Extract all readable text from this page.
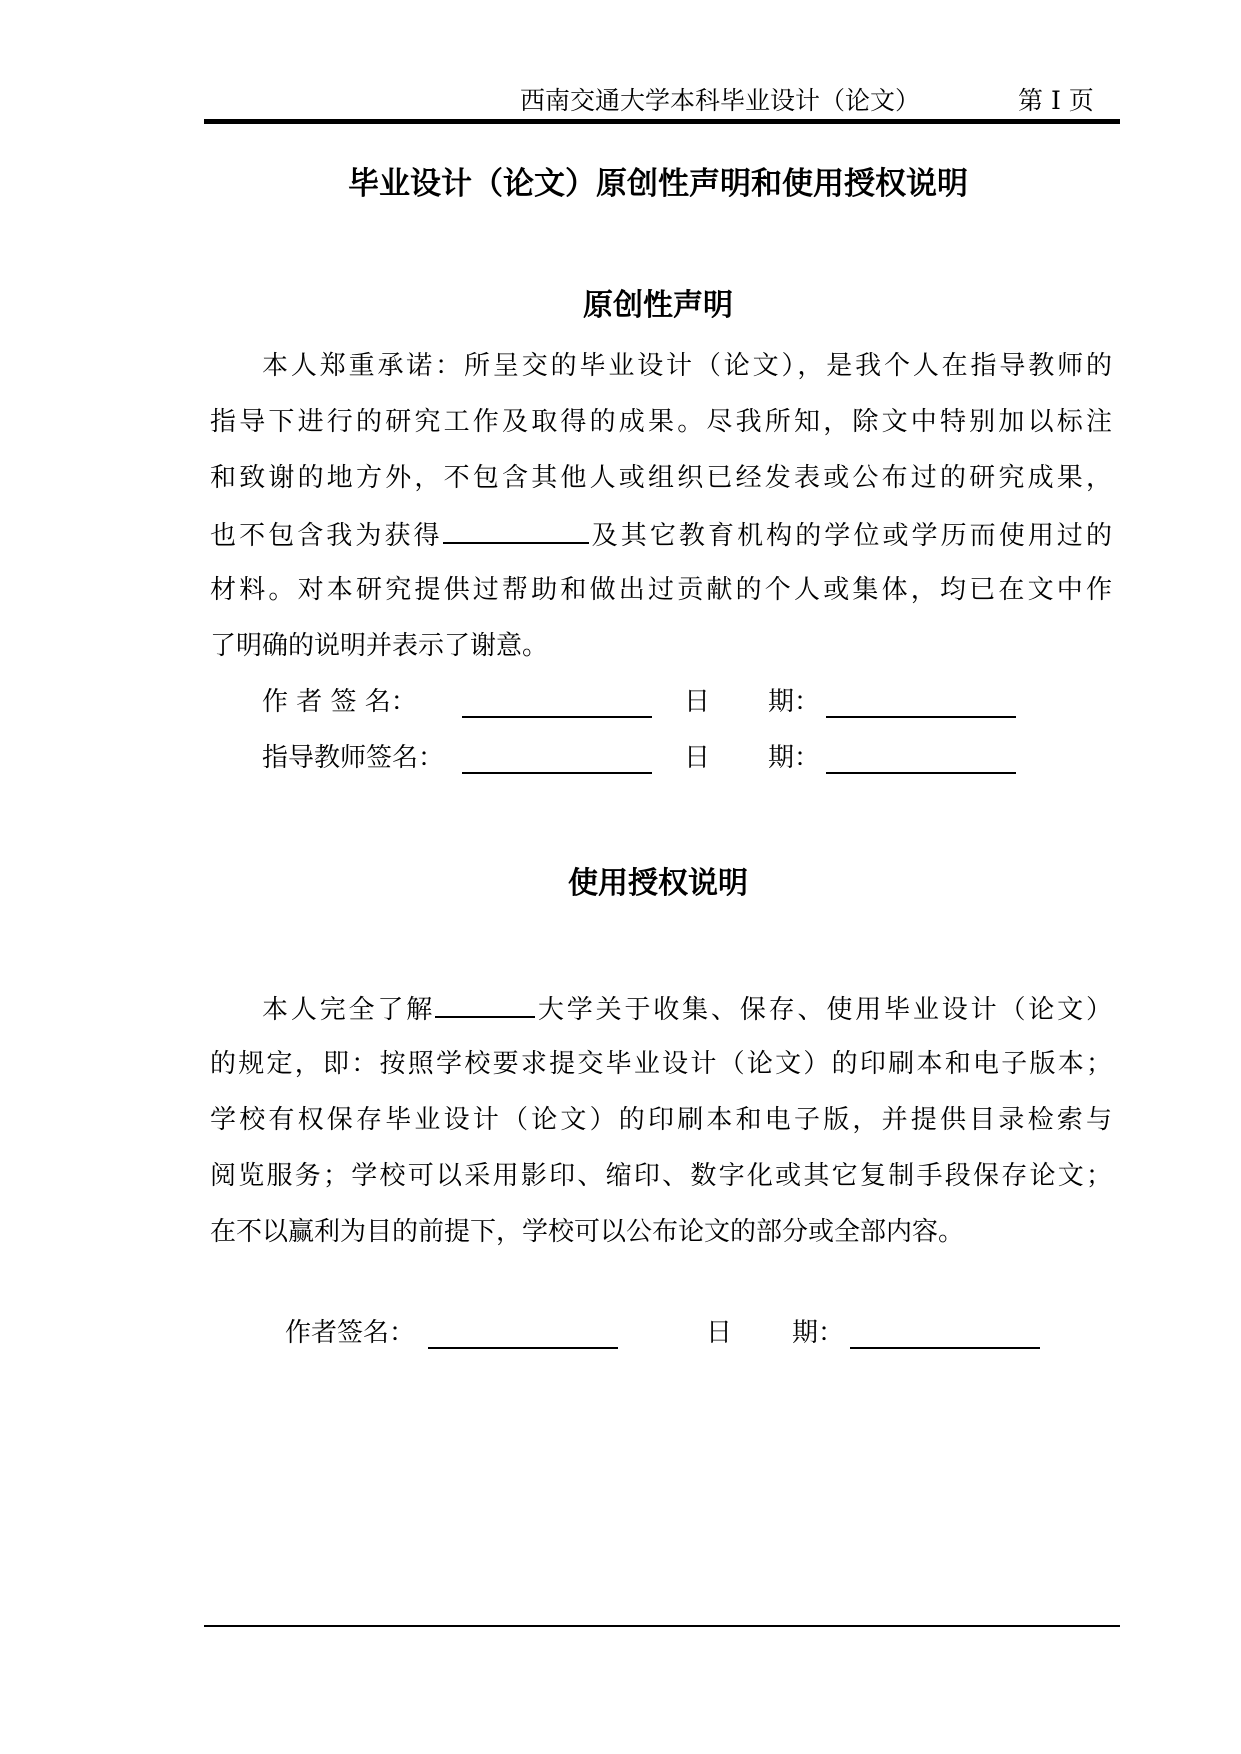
西南交通大学本科毕业设计（论文）	第 I 页
毕业设计（论文）原创性声明和使用授权说明
原创性声明
本人郑重承诺：所呈交的毕业设计（论文），是我个人在指导教师的
指导下进行的研究工作及取得的成果。尽我所知，除文中特别加以标注
和致谢的地方外，不包含其他人或组织已经发表或公布过的研究成果，
也不包含我为获得	及其它教育机构的学位或学历而使用过的
材料。对本研究提供过帮助和做出过贡献的个人或集体，均已在文中作
了明确的说明并表示了谢意。
作 者 签 名：	日 期：
指导教师签名：	日 期：
使用授权说明
本人完全了解	大学关于收集、保存、使用毕业设计（论文）
的规定，即：按照学校要求提交毕业设计（论文）的印刷本和电子版本；
学校有权保存毕业设计（论文）的印刷本和电子版，并提供目录检索与
阅览服务；学校可以采用影印、缩印、数字化或其它复制手段保存论文；
在不以赢利为目的前提下，学校可以公布论文的部分或全部内容。
作者签名：	日 期：
